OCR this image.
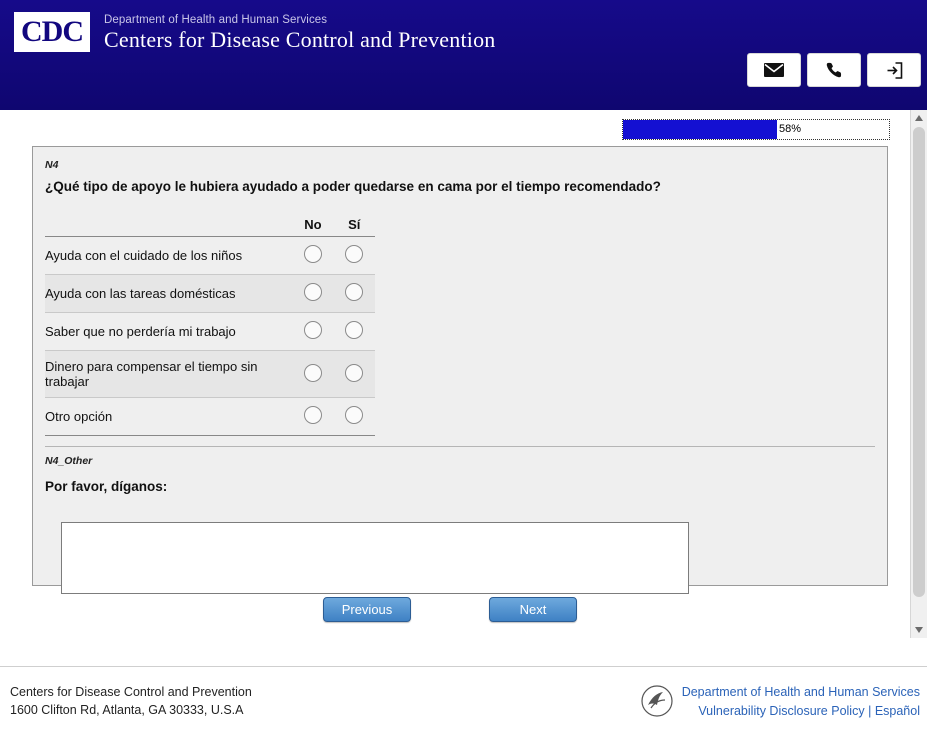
CDC Department of Health and Human Services
Centers for Disease Control and Prevention
58%
N4
¿Qué tipo de apoyo le hubiera ayudado a poder quedarse en cama por el tiempo recomendado?
	No	Sí
Ayuda con el cuidado de los niños		
Ayuda con las tareas domésticas		
Saber que no perdería mi trabajo		
Dinero para compensar el tiempo sin trabajar		
Otro opción		
N4_Other
Por favor, díganos:
Previous	Next
Centers for Disease Control and Prevention
1600 Clifton Rd, Atlanta, GA 30333, U.S.A
Department of Health and Human Services
Vulnerability Disclosure Policy | Español
